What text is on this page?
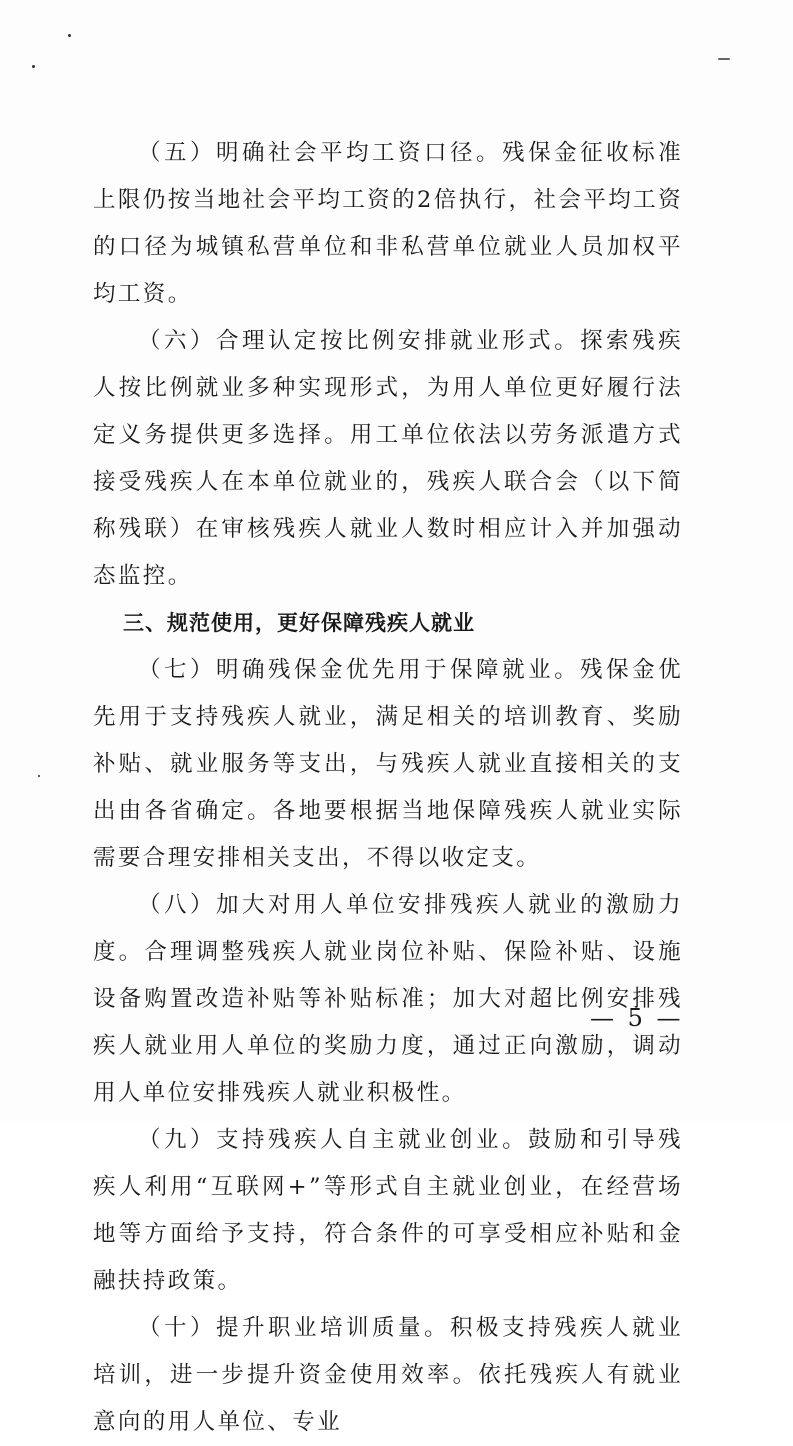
（五）明确社会平均工资口径。残保金征收标准上限仍按当地社会平均工资的2倍执行，社会平均工资的口径为城镇私营单位和非私营单位就业人员加权平均工资。

（六）合理认定按比例安排就业形式。探索残疾人按比例就业多种实现形式，为用人单位更好履行法定义务提供更多选择。用工单位依法以劳务派遣方式接受残疾人在本单位就业的，残疾人联合会（以下简称残联）在审核残疾人就业人数时相应计入并加强动态监控。

三、规范使用，更好保障残疾人就业

（七）明确残保金优先用于保障就业。残保金优先用于支持残疾人就业，满足相关的培训教育、奖励补贴、就业服务等支出，与残疾人就业直接相关的支出由各省确定。各地要根据当地保障残疾人就业实际需要合理安排相关支出，不得以收定支。

（八）加大对用人单位安排残疾人就业的激励力度。合理调整残疾人就业岗位补贴、保险补贴、设施设备购置改造补贴等补贴标准；加大对超比例安排残疾人就业用人单位的奖励力度，通过正向激励，调动用人单位安排残疾人就业积极性。

（九）支持残疾人自主就业创业。鼓励和引导残疾人利用“互联网+”等形式自主就业创业，在经营场地等方面给予支持，符合条件的可享受相应补贴和金融扶持政策。

（十）提升职业培训质量。积极支持残疾人就业培训，进一步提升资金使用效率。依托残疾人有就业意向的用人单位、专业

— 5 —
